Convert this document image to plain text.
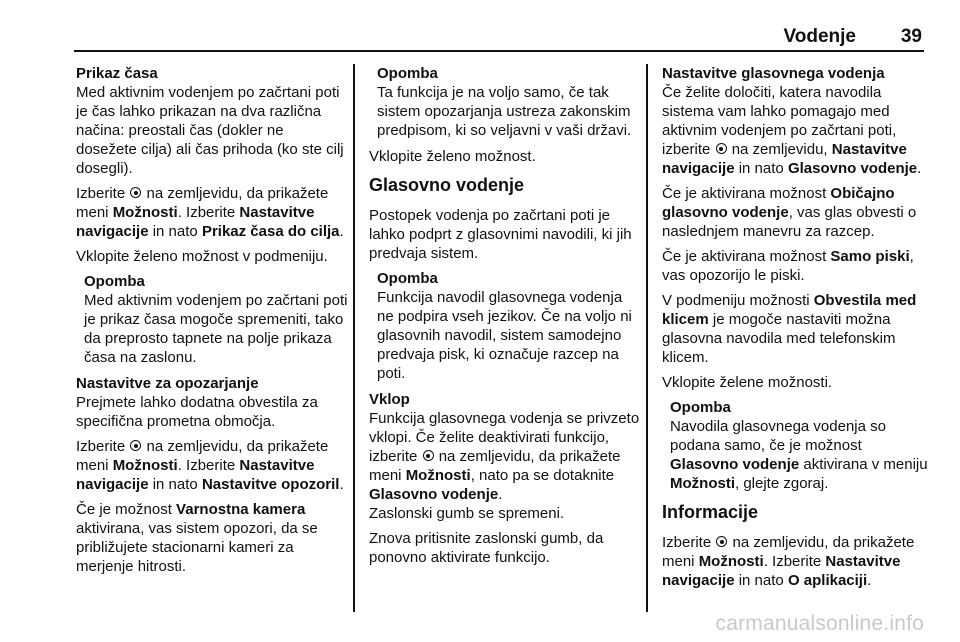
Vodenje 39

Prikaz časa

Med aktivnim vodenjem po začrtani poti je čas lahko prikazan na dva različna načina: preostali čas (dokler ne dosežete cilja) ali čas prihoda (ko ste cilj dosegli).

Izberite na zemljevidu, da prikažete meni Možnosti. Izberite Nastavitve navigacije in nato Prikaz časa do cilja.

Vklopite želeno možnost v podmeniju.

Opomba
Med aktivnim vodenjem po začrtani poti je prikaz časa mogoče spremeniti, tako da preprosto tapnete na polje prikaza časa na zaslonu.

Nastavitve za opozarjanje

Prejmete lahko dodatna obvestila za specifična prometna območja.

Izberite na zemljevidu, da prikažete meni Možnosti. Izberite Nastavitve navigacije in nato Nastavitve opozoril.

Če je možnost Varnostna kamera aktivirana, vas sistem opozori, da se približujete stacionarni kameri za merjenje hitrosti.

Opomba
Ta funkcija je na voljo samo, če tak sistem opozarjanja ustreza zakonskim predpisom, ki so veljavni v vaši državi.

Vklopite želeno možnost.

Glasovno vodenje

Postopek vodenja po začrtani poti je lahko podprt z glasovnimi navodili, ki jih predvaja sistem.

Opomba
Funkcija navodil glasovnega vodenja ne podpira vseh jezikov. Če na voljo ni glasovnih navodil, sistem samodejno predvaja pisk, ki označuje razcep na poti.

Vklop

Funkcija glasovnega vodenja se privzeto vklopi. Če želite deaktivirati funkcijo, izberite na zemljevidu, da prikažete meni Možnosti, nato pa se dotaknite Glasovno vodenje.

Zaslonski gumb se spremeni.

Znova pritisnite zaslonski gumb, da ponovno aktivirate funkcijo.

Nastavitve glasovnega vodenja

Če želite določiti, katera navodila sistema vam lahko pomagajo med aktivnim vodenjem po začrtani poti, izberite na zemljevidu, Nastavitve navigacije in nato Glasovno vodenje.

Če je aktivirana možnost Običajno glasovno vodenje, vas glas obvesti o naslednjem manevru za razcep.

Če je aktivirana možnost Samo piski, vas opozorijo le piski.

V podmeniju možnosti Obvestila med klicem je mogoče nastaviti možna glasovna navodila med telefonskim klicem.

Vklopite želene možnosti.

Opomba
Navodila glasovnega vodenja so podana samo, če je možnost Glasovno vodenje aktivirana v meniju Možnosti, glejte zgoraj.
Informacije

Izberite na zemljevidu, da prikažete meni Možnosti. Izberite Nastavitve navigacije in nato O aplikaciji.

carmanualsonline.info
